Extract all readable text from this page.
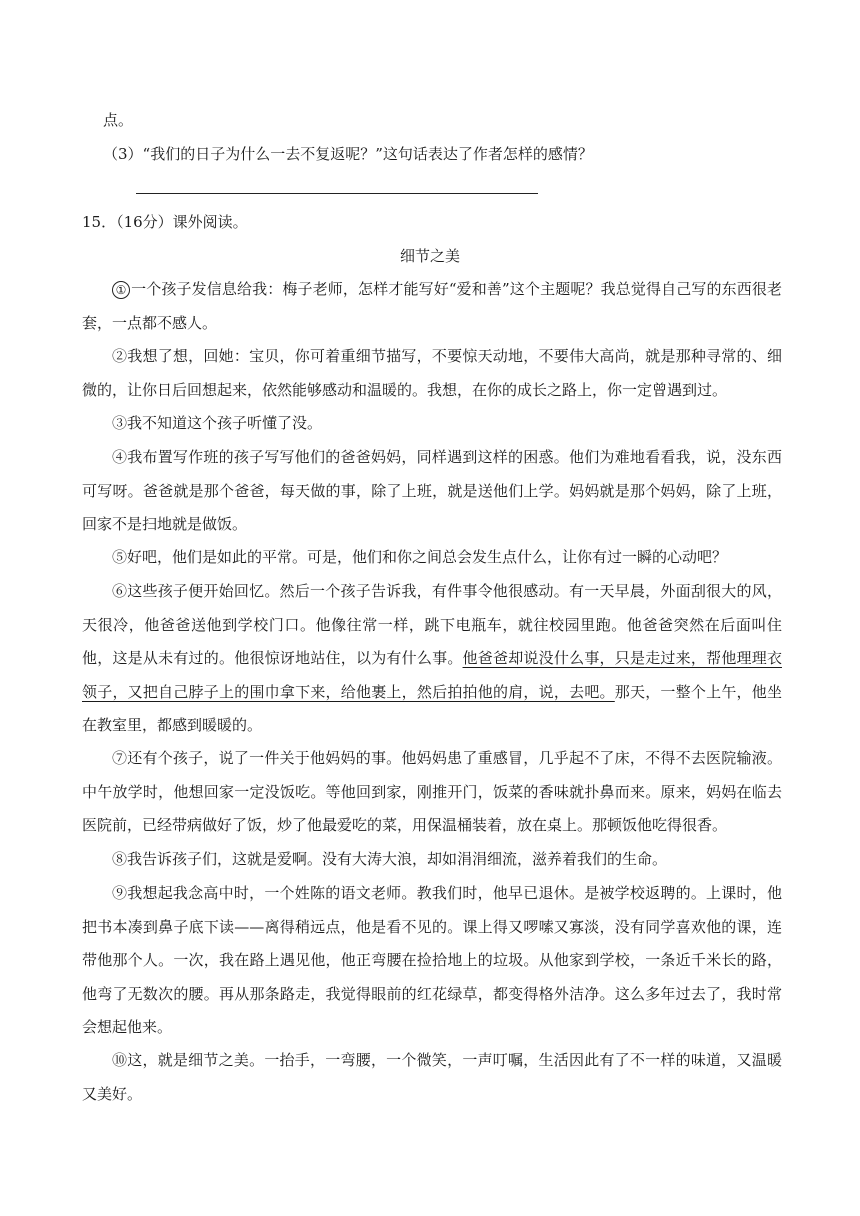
点。
（3）“我们的日子为什么一去不复返呢？”这句话表达了作者怎样的感情？
15．（16分）课外阅读。
细节之美
① 一个孩子发信息给我：梅子老师，怎样才能写好“爱和善”这个主题呢？我总觉得自己写的东西很老套，一点都不感人。
②我想了想，回她：宝贝，你可着重细节描写，不要惊天动地，不要伟大高尚，就是那种寻常的、细微的，让你日后回想起来，依然能够感动和温暖的。我想，在你的成长之路上，你一定曾遇到过。
③我不知道这个孩子听懂了没。
④我布置写作班的孩子写写他们的爸爸妈妈，同样遇到这样的困惑。他们为难地看看我，说，没东西可写呀。爸爸就是那个爸爸，每天做的事，除了上班，就是送他们上学。妈妈就是那个妈妈，除了上班，回家不是扫地就是做饭。
⑤好吧，他们是如此的平常。可是，他们和你之间总会发生点什么，让你有过一瞬的心动吧？
⑥这些孩子便开始回忆。然后一个孩子告诉我，有件事令他很感动。有一天早晨，外面刮很大的风，天很冷，他爸爸送他到学校门口。他像往常一样，跳下电瓶车，就往校园里跑。他爸爸突然在后面叫住他，这是从未有过的。他很惊讶地站住，以为有什么事。他爸爸却说没什么事，只是走过来，帮他理理衣领子，又把自己脖子上的围巾拿下来，给他裹上，然后拍拍他的肩，说，去吧。那天，一整个上午，他坐在教室里，都感到暖暖的。
⑦还有个孩子，说了一件关于他妈妈的事。他妈妈患了重感冒，几乎起不了床，不得不去医院输液。中午放学时，他想回家一定没饭吃。等他回到家，刚推开门，饭菜的香味就扑鼻而来。原来，妈妈在临去医院前，已经带病做好了饭，炒了他最爱吃的菜，用保温桶装着，放在桌上。那顿饭他吃得很香。
⑧我告诉孩子们，这就是爱啊。没有大涛大浪，却如涓涓细流，滋养着我们的生命。
⑨我想起我念高中时，一个姓陈的语文老师。教我们时，他早已退休。是被学校返聘的。上课时，他把书本凑到鼻子底下读——离得稍远点，他是看不见的。课上得又啰嗦又寡淡，没有同学喜欢他的课，连带他那个人。一次，我在路上遇见他，他正弯腰在捡拾地上的垃圾。从他家到学校，一条近千米长的路，他弯了无数次的腰。再从那条路走，我觉得眼前的红花绿草，都变得格外洁净。这么多年过去了，我时常会想起他来。
⑩这，就是细节之美。一抬手，一弯腰，一个微笑，一声叮嘱，生活因此有了不一样的味道，又温暖又美好。
